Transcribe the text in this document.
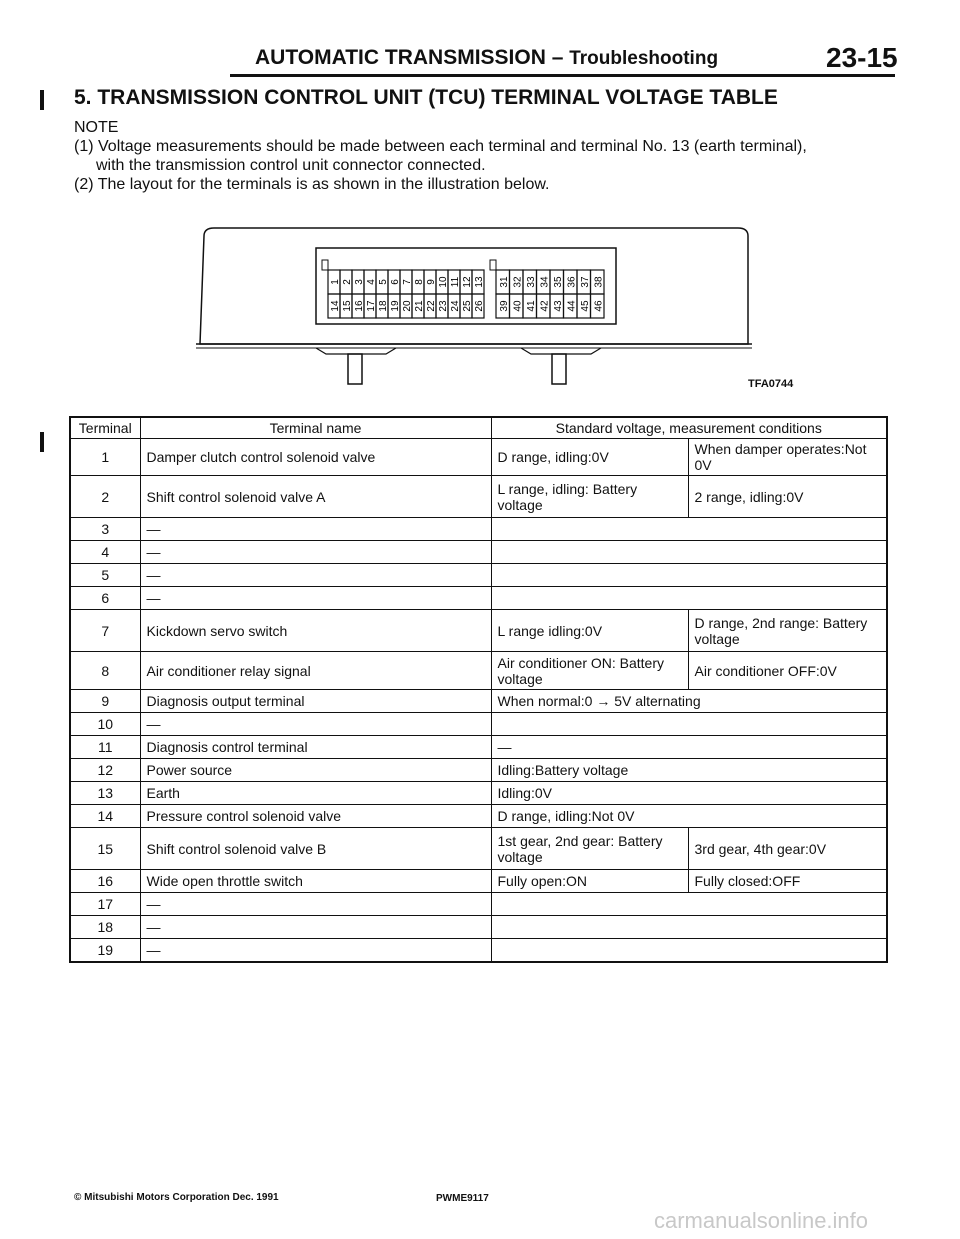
AUTOMATIC TRANSMISSION – Troubleshooting	23-15
5. TRANSMISSION CONTROL UNIT (TCU) TERMINAL VOLTAGE TABLE
NOTE
(1) Voltage measurements should be made between each terminal and terminal No. 13 (earth terminal),
with the transmission control unit connector connected.
(2) The layout for the terminals is as shown in the illustration below.
1 2 3 4 5 6 7 8 9 10 11 12 13
14 15 16 17 18 19 20 21 22 23 24 25 26
31 32 33 34 35 36 37 38
39 40 41 42 43 44 45 46
TFA0744
Terminal	Terminal name	Standard voltage, measurement conditions	
1	Damper clutch control solenoid valve	D range, idling:0V	When damper operates:Not 0V
2	Shift control solenoid valve A	L range, idling: Battery voltage	2 range, idling:0V
3	—		
4	—		
5	—		
6	—		
7	Kickdown servo switch	L range idling:0V	D range, 2nd range: Battery voltage
8	Air conditioner relay signal	Air conditioner ON: Battery voltage	Air conditioner OFF:0V
9	Diagnosis output terminal	When normal:0 → 5V alternating	
10	—		
11	Diagnosis control terminal	—	
12	Power source	Idling:Battery voltage	
13	Earth	Idling:0V	
14	Pressure control solenoid valve	D range, idling:Not 0V	
15	Shift control solenoid valve B	1st gear, 2nd gear: Battery voltage	3rd gear, 4th gear:0V
16	Wide open throttle switch	Fully open:ON	Fully closed:OFF
17	—		
18	—		
19	—		
© Mitsubishi Motors Corporation Dec. 1991	PWME9117
carmanualsonline.info
